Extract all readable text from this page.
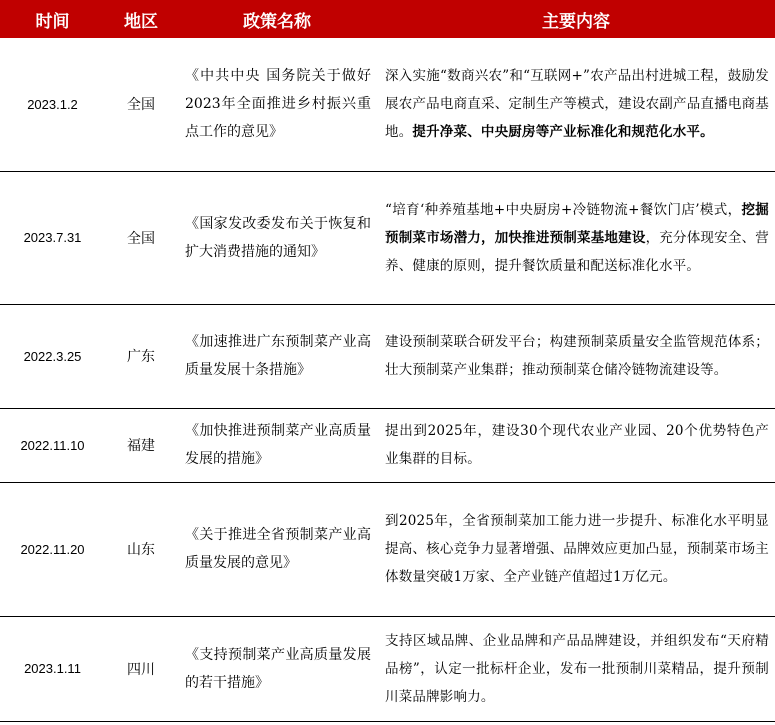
时间	地区	政策名称	主要内容
2023.1.2	全国	《中共中央 国务院关于做好2023年全面推进乡村振兴重点工作的意见》	深入实施“数商兴农”和“互联网+”农产品出村进城工程，鼓励发展农产品电商直采、定制生产等模式，建设农副产品直播电商基地。提升净菜、中央厨房等产业标准化和规范化水平。
2023.7.31	全国	《国家发改委发布关于恢复和扩大消费措施的通知》	“培育‘种养殖基地+中央厨房+冷链物流+餐饮门店’模式，挖掘预制菜市场潜力，加快推进预制菜基地建设，充分体现安全、营养、健康的原则，提升餐饮质量和配送标准化水平。
2022.3.25	广东	《加速推进广东预制菜产业高质量发展十条措施》	建设预制菜联合研发平台；构建预制菜质量安全监管规范体系；壮大预制菜产业集群；推动预制菜仓储冷链物流建设等。
2022.11.10	福建	《加快推进预制菜产业高质量发展的措施》	提出到2025年，建设30个现代农业产业园、20个优势特色产业集群的目标。
2022.11.20	山东	《关于推进全省预制菜产业高质量发展的意见》	到2025年，全省预制菜加工能力进一步提升、标准化水平明显提高、核心竞争力显著增强、品牌效应更加凸显，预制菜市场主体数量突破1万家、全产业链产值超过1万亿元。
2023.1.11	四川	《支持预制菜产业高质量发展的若干措施》	支持区域品牌、企业品牌和产品品牌建设，并组织发布“天府精品榜”，认定一批标杆企业，发布一批预制川菜精品，提升预制川菜品牌影响力。
